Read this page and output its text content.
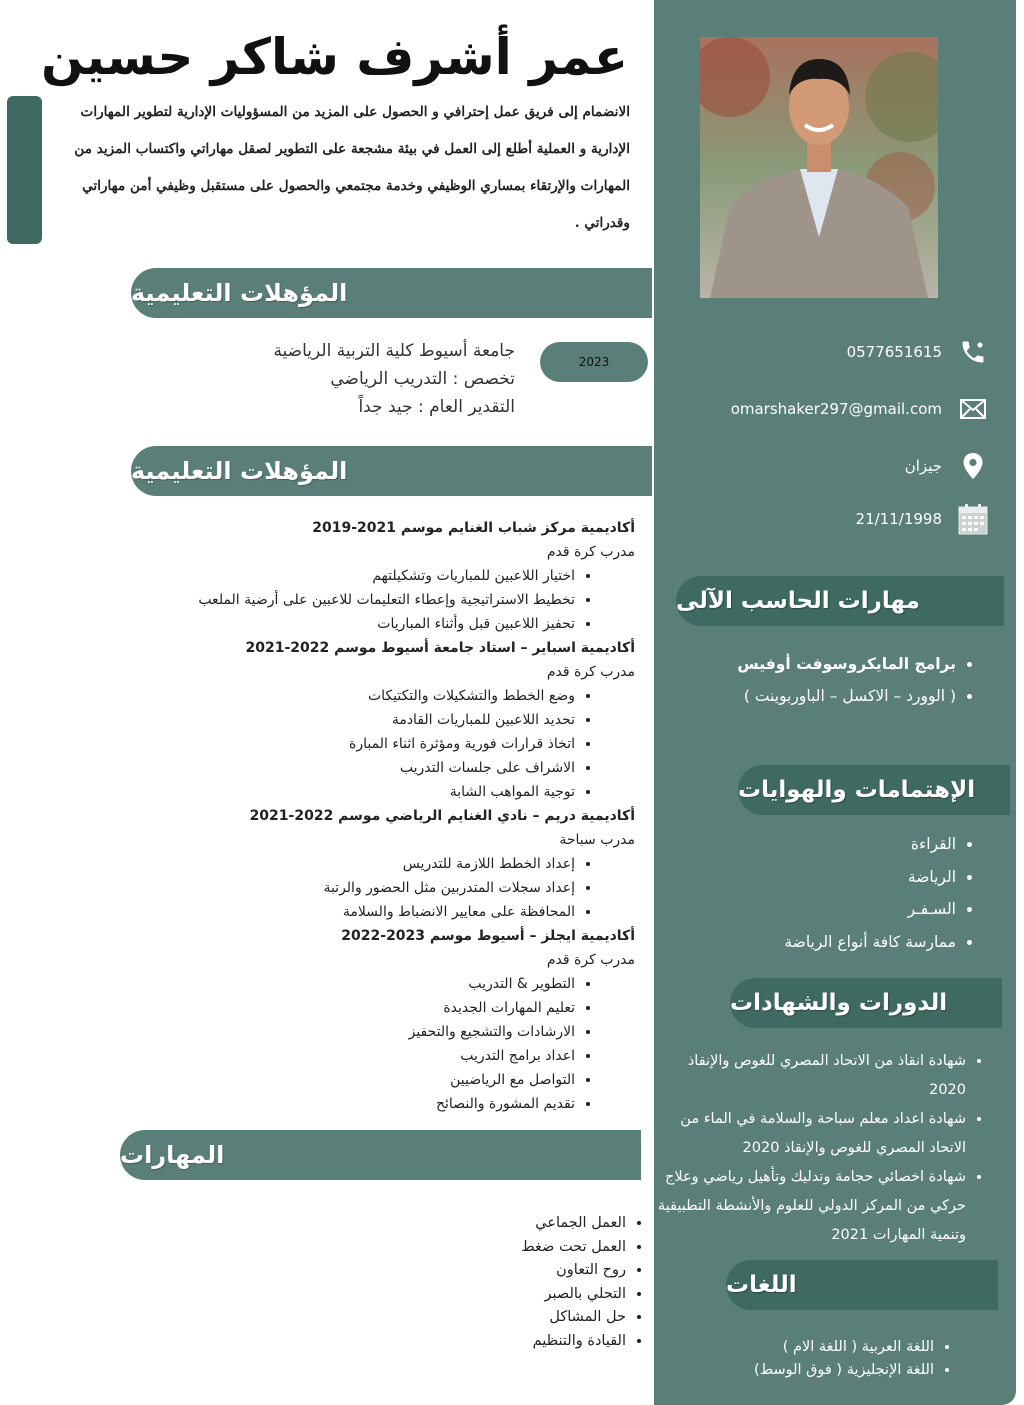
عمر أشرف شاكر حسين
الانضمام إلى فريق عمل إحترافي و الحصول على المزيد من المسؤوليات الإدارية لتطوير المهارات الإدارية و العملية أطلع إلى العمل في بيئة مشجعة على التطوير لصقل مهاراتي واكتساب المزيد من المهارات والإرتقاء بمساري الوظيفي وخدمة مجتمعي والحصول على مستقبل وظيفي أمن مهاراتي وقدراتي .
المؤهلات التعليمية
2023
جامعة أسيوط كلية التربية الرياضية
تخصص : التدريب الرياضي
التقدير العام : جيد جداً
المؤهلات التعليمية
أكاديمية مركز شباب الغنايم موسم 2021-2019
مدرب كرة قدم
• اختيار اللاعبين للمباريات وتشكيلتهم
• تخطيط الاستراتيجية وإعطاء التعليمات للاعبين على أرضية الملعب
• تحفيز اللاعبين قبل وأثناء المباريات
أكاديمية اسباير – استاد جامعة أسيوط موسم 2022-2021
مدرب كرة قدم
• وضع الخطط والتشكيلات والتكتيكات
• تحديد اللاعبين للمباريات القادمة
• اتخاذ قرارات فورية ومؤثرة اثناء المبارة
• الاشراف على جلسات التدريب
• توجية المواهب الشابة
أكاديمية دريم – نادي الغنايم الرياضي موسم 2022-2021
مدرب سباحة
• إعداد الخطط اللازمة للتدريس
• إعداد سجلات المتدربين مثل الحضور والرتبة
• المحافظة على معايير الانضباط والسلامة
أكاديمية ايجلز – أسيوط موسم 2023-2022
مدرب كرة قدم
• التطوير & التدريب
• تعليم المهارات الجديدة
• الارشادات والتشجيع والتحفيز
• اعداد برامج التدريب
• التواصل مع الرياضيين
• تقديم المشورة والنصائح
المهارات
• العمل الجماعي
• العمل تحت ضغط
• روح التعاون
• التحلي بالصبر
• حل المشاكل
• القيادة والتنظيم
0577651615
omarshaker297@gmail.com
جيزان
21/11/1998
مهارات الحاسب الآلى
• برامج المايكروسوفت أوفيس
• ( الوورد – الاكسل – الباوربوينت )
الإهتمامات والهوايات
• القراءة
• الرياضة
• السـفـر
• ممارسة كافة أنواع الرياضة
الدورات والشهادات
• شهادة انقاذ من الاتحاد المصري للغوص والإنقاذ 2020
• شهادة اعداد معلم سباحة والسلامة في الماء من الاتحاد المصري للغوص والإنقاذ 2020
• شهادة اخصائي حجامة وتدليك وتأهيل رياضي وعلاج حركي من المركز الدولي للعلوم والأنشطة التطبيقية وتنمية المهارات 2021
اللغات
• اللغة العربية ( اللغة الام )
• اللغة الإنجليزية ( فوق الوسط)
